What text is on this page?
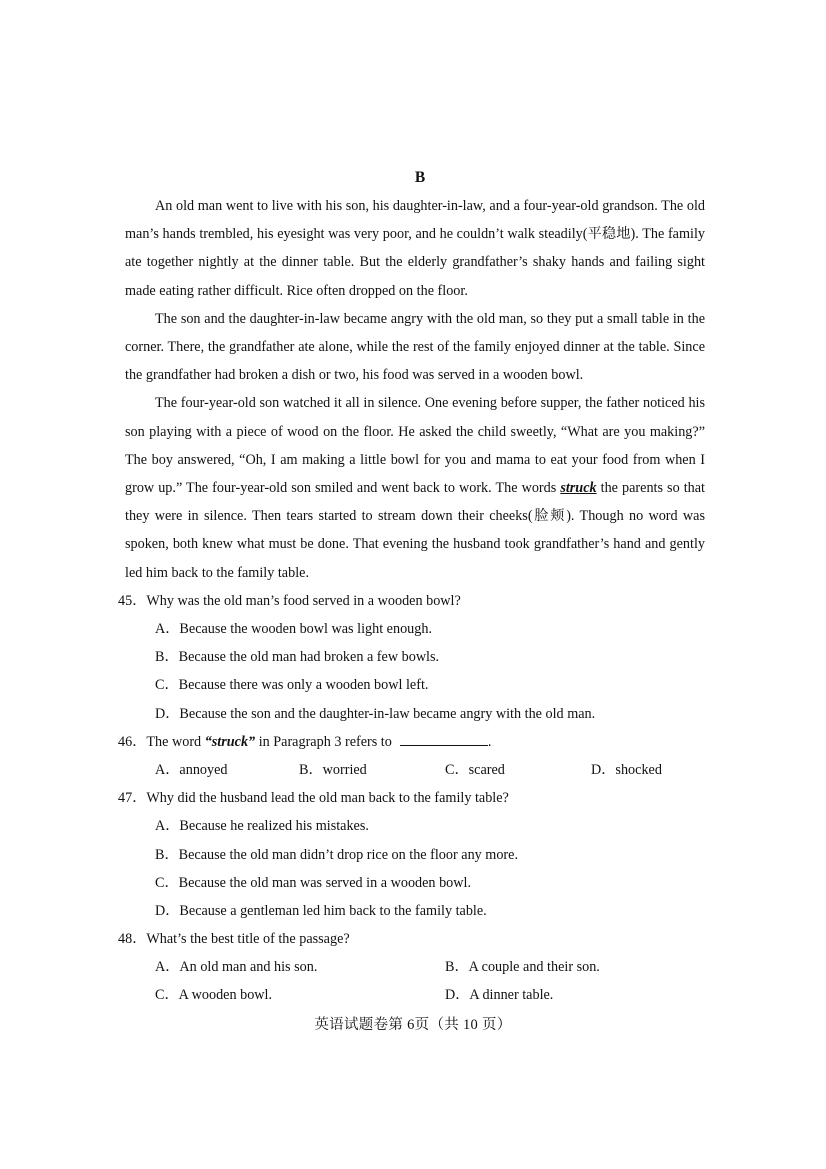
B

An old man went to live with his son, his daughter-in-law, and a four-year-old grandson. The old man’s hands trembled, his eyesight was very poor, and he couldn’t walk steadily(平稳地). The family ate together nightly at the dinner table. But the elderly grandfather’s shaky hands and failing sight made eating rather difficult. Rice often dropped on the floor.

The son and the daughter-in-law became angry with the old man, so they put a small table in the corner. There, the grandfather ate alone, while the rest of the family enjoyed dinner at the table. Since the grandfather had broken a dish or two, his food was served in a wooden bowl.

The four-year-old son watched it all in silence. One evening before supper, the father noticed his son playing with a piece of wood on the floor. He asked the child sweetly, “What are you making?” The boy answered, “Oh, I am making a little bowl for you and mama to eat your food from when I grow up.” The four-year-old son smiled and went back to work. The words struck the parents so that they were in silence. Then tears started to stream down their cheeks(脸颊). Though no word was spoken, both knew what must be done. That evening the husband took grandfather’s hand and gently led him back to the family table.

45．Why was the old man’s food served in a wooden bowl?
A．Because the wooden bowl was light enough.
B．Because the old man had broken a few bowls.
C．Because there was only a wooden bowl left.
D．Because the son and the daughter-in-law became angry with the old man.
46．The word “struck” in Paragraph 3 refers to	.
A．annoyed	B．worried	C．scared	D．shocked
47．Why did the husband lead the old man back to the family table?
A．Because he realized his mistakes.
B．Because the old man didn’t drop rice on the floor any more.
C．Because the old man was served in a wooden bowl.
D．Because a gentleman led him back to the family table.
48．What’s the best title of the passage?
A．An old man and his son.	B．A couple and their son.
C．A wooden bowl.	D．A dinner table.
英语试题卷第 6页（共 10 页）
